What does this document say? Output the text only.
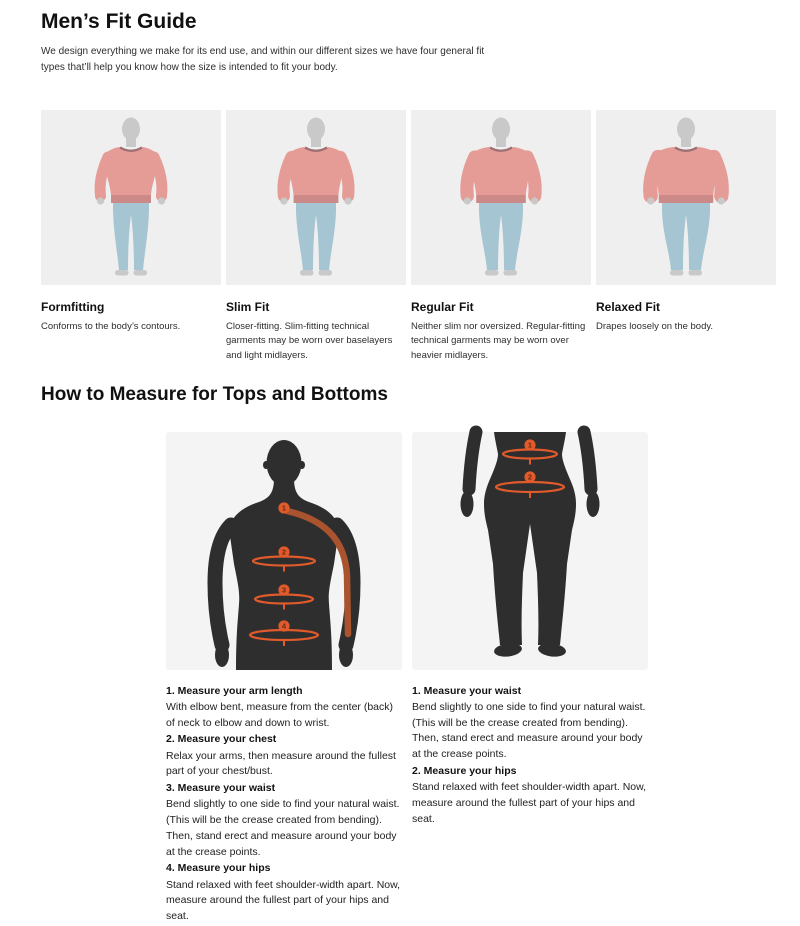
Men’s Fit Guide

We design everything we make for its end use, and within our different sizes we have four general fit types that’ll help you know how the size is intended to fit your body.

Formfitting
Conforms to the body’s contours.
Slim Fit
Closer-fitting. Slim-fitting technical garments may be worn over baselayers and light midlayers.
Regular Fit
Neither slim nor oversized. Regular-fitting technical garments may be worn over heavier midlayers.
Relaxed Fit
Drapes loosely on the body.
How to Measure for Tops and Bottoms
1
2
3
4
1
2
1. Measure your arm length
With elbow bent, measure from the center (back) of neck to elbow and down to wrist.
2. Measure your chest
Relax your arms, then measure around the fullest part of your chest/bust.
3. Measure your waist
Bend slightly to one side to find your natural waist. (This will be the crease created from bending). Then, stand erect and measure around your body at the crease points.
4. Measure your hips
Stand relaxed with feet shoulder-width apart. Now, measure around the fullest part of your hips and seat.
1. Measure your waist
Bend slightly to one side to find your natural waist. (This will be the crease created from bending). Then, stand erect and measure around your body at the crease points.
2. Measure your hips
Stand relaxed with feet shoulder-width apart. Now, measure around the fullest part of your hips and seat.
